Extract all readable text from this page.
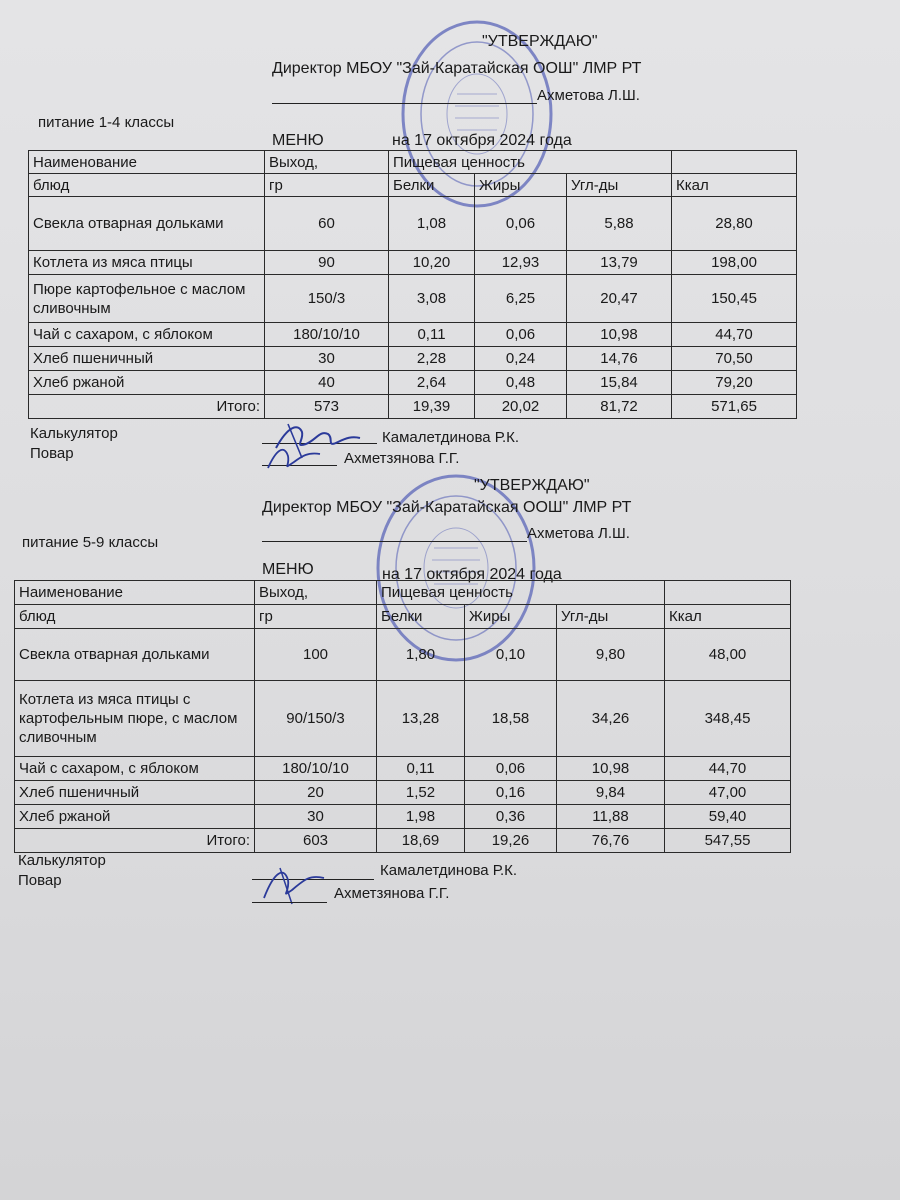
"УТВЕРЖДАЮ"
Директор МБОУ "Зай-Каратайская ООШ" ЛМР РТ
Ахметова Л.Ш.
питание 1-4 классы
МЕНЮ	на 17 октября 2024 года
Наименование	Выход,	Пищевая ценность			
блюд	гр	Белки	Жиры	Угл-ды	Ккал
Свекла отварная дольками	60	1,08	0,06	5,88	28,80
Котлета из мяса птицы	90	10,20	12,93	13,79	198,00
Пюре картофельное с маслом сливочным	150/3	3,08	6,25	20,47	150,45
Чай с сахаром, с яблоком	180/10/10	0,11	0,06	10,98	44,70
Хлеб пшеничный	30	2,28	0,24	14,76	70,50
Хлеб ржаной	40	2,64	0,48	15,84	79,20
Итого:	573	19,39	20,02	81,72	571,65
Калькулятор	Камалетдинова Р.К.
Повар	Ахметзянова Г.Г.
"УТВЕРЖДАЮ"
Директор МБОУ "Зай-Каратайская ООШ" ЛМР РТ
Ахметова Л.Ш.
питание 5-9 классы
МЕНЮ	на 17 октября 2024 года
Наименование	Выход,	Пищевая ценность			
блюд	гр	Белки	Жиры	Угл-ды	Ккал
Свекла отварная дольками	100	1,80	0,10	9,80	48,00
Котлета из мяса птицы с картофельным пюре, с маслом сливочным	90/150/3	13,28	18,58	34,26	348,45
Чай с сахаром, с яблоком	180/10/10	0,11	0,06	10,98	44,70
Хлеб пшеничный	20	1,52	0,16	9,84	47,00
Хлеб ржаной	30	1,98	0,36	11,88	59,40
Итого:	603	18,69	19,26	76,76	547,55
Калькулятор
Камалетдинова Р.К.
Повар
Ахметзянова Г.Г.
